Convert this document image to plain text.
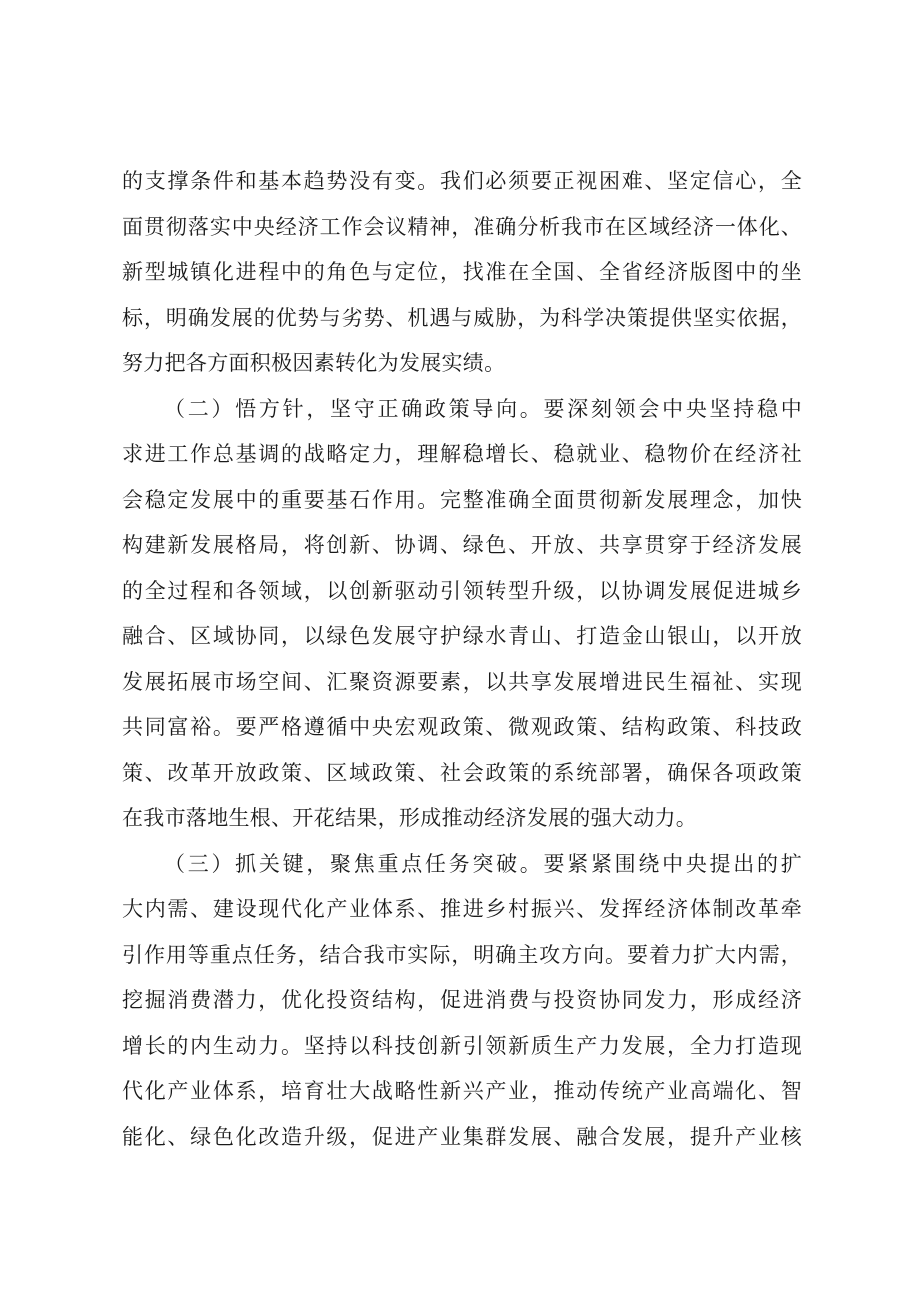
的支撑条件和基本趋势没有变。我们必须要正视困难、坚定信心，全
面贯彻落实中央经济工作会议精神，准确分析我市在区域经济一体化、
新型城镇化进程中的角色与定位，找准在全国、全省经济版图中的坐
标，明确发展的优势与劣势、机遇与威胁，为科学决策提供坚实依据，
努力把各方面积极因素转化为发展实绩。

（二）悟方针，坚守正确政策导向。要深刻领会中央坚持稳中
求进工作总基调的战略定力，理解稳增长、稳就业、稳物价在经济社
会稳定发展中的重要基石作用。完整准确全面贯彻新发展理念，加快
构建新发展格局，将创新、协调、绿色、开放、共享贯穿于经济发展
的全过程和各领域，以创新驱动引领转型升级，以协调发展促进城乡
融合、区域协同，以绿色发展守护绿水青山、打造金山银山，以开放
发展拓展市场空间、汇聚资源要素，以共享发展增进民生福祉、实现
共同富裕。要严格遵循中央宏观政策、微观政策、结构政策、科技政
策、改革开放政策、区域政策、社会政策的系统部署，确保各项政策
在我市落地生根、开花结果，形成推动经济发展的强大动力。

（三）抓关键，聚焦重点任务突破。要紧紧围绕中央提出的扩
大内需、建设现代化产业体系、推进乡村振兴、发挥经济体制改革牵
引作用等重点任务，结合我市实际，明确主攻方向。要着力扩大内需，
挖掘消费潜力，优化投资结构，促进消费与投资协同发力，形成经济
增长的内生动力。坚持以科技创新引领新质生产力发展，全力打造现
代化产业体系，培育壮大战略性新兴产业，推动传统产业高端化、智
能化、绿色化改造升级，促进产业集群发展、融合发展，提升产业核
